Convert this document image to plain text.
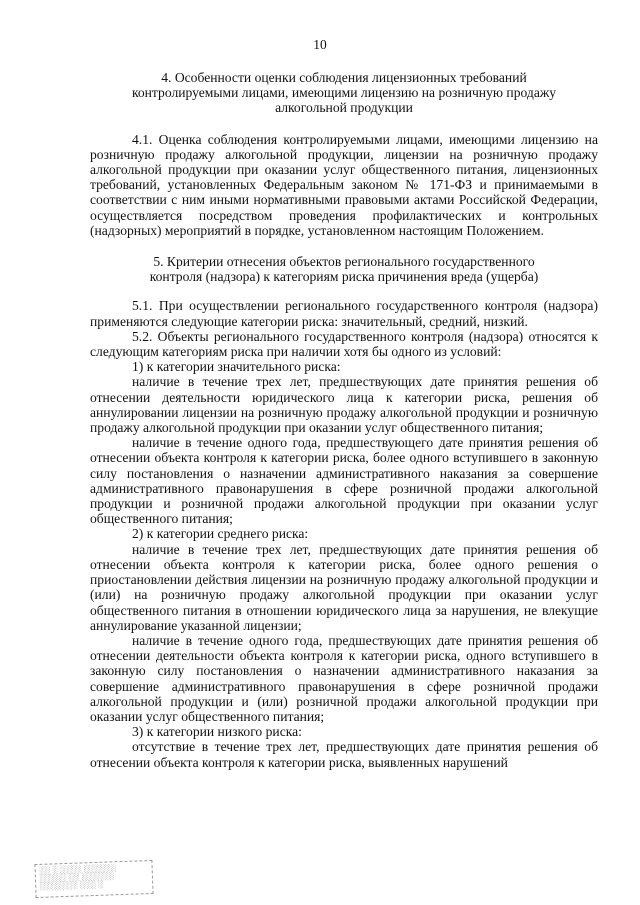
10
4. Особенности оценки соблюдения лицензионных требований
контролируемыми лицами, имеющими лицензию на розничную продажу
алкогольной продукции

4.1. Оценка соблюдения контролируемыми лицами, имеющими лицензию на розничную продажу алкогольной продукции, лицензии на розничную продажу алкогольной продукции при оказании услуг общественного питания, лицензионных требований, установленных Федеральным законом № 171-ФЗ и принимаемыми в соответствии с ним иными нормативными правовыми актами Российской Федерации, осуществляется посредством проведения профилактических и контрольных (надзорных) мероприятий в порядке, установленном настоящим Положением.

5. Критерии отнесения объектов регионального государственного
контроля (надзора) к категориям риска причинения вреда (ущерба)

5.1. При осуществлении регионального государственного контроля (надзора) применяются следующие категории риска: значительный, средний, низкий.

5.2. Объекты регионального государственного контроля (надзора) относятся к следующим категориям риска при наличии хотя бы одного из условий:

1) к категории значительного риска:

наличие в течение трех лет, предшествующих дате принятия решения об отнесении деятельности юридического лица к категории риска, решения об аннулировании лицензии на розничную продажу алкогольной продукции и розничную продажу алкогольной продукции при оказании услуг общественного питания;

наличие в течение одного года, предшествующего дате принятия решения об отнесении объекта контроля к категории риска, более одного вступившего в законную силу постановления о назначении административного наказания за совершение административного правонарушения в сфере розничной продажи алкогольной продукции и розничной продажи алкогольной продукции при оказании услуг общественного питания;

2) к категории среднего риска:

наличие в течение трех лет, предшествующих дате принятия решения об отнесении объекта контроля к категории риска, более одного решения о приостановлении действия лицензии на розничную продажу алкогольной продукции и (или) на розничную продажу алкогольной продукции при оказании услуг общественного питания в отношении юридического лица за нарушения, не влекущие аннулирование указанной лицензии;

наличие в течение одного года, предшествующих дате принятия решения об отнесении деятельности объекта контроля к категории риска, одного вступившего в законную силу постановления о назначении административного наказания за совершение административного правонарушения в сфере розничной продажи алкогольной продукции и (или) розничной продажи алкогольной продукции при оказании услуг общественного питания;

3) к категории низкого риска:

отсутствие в течение трех лет, предшествующих дате принятия решения об отнесении объекта контроля к категории риска, выявленных нарушений

░░ ░ ░░░░ ░░░░░░
░░░░░ ░░ ░░░░░░
░░░░░░░ ░░░ ░
